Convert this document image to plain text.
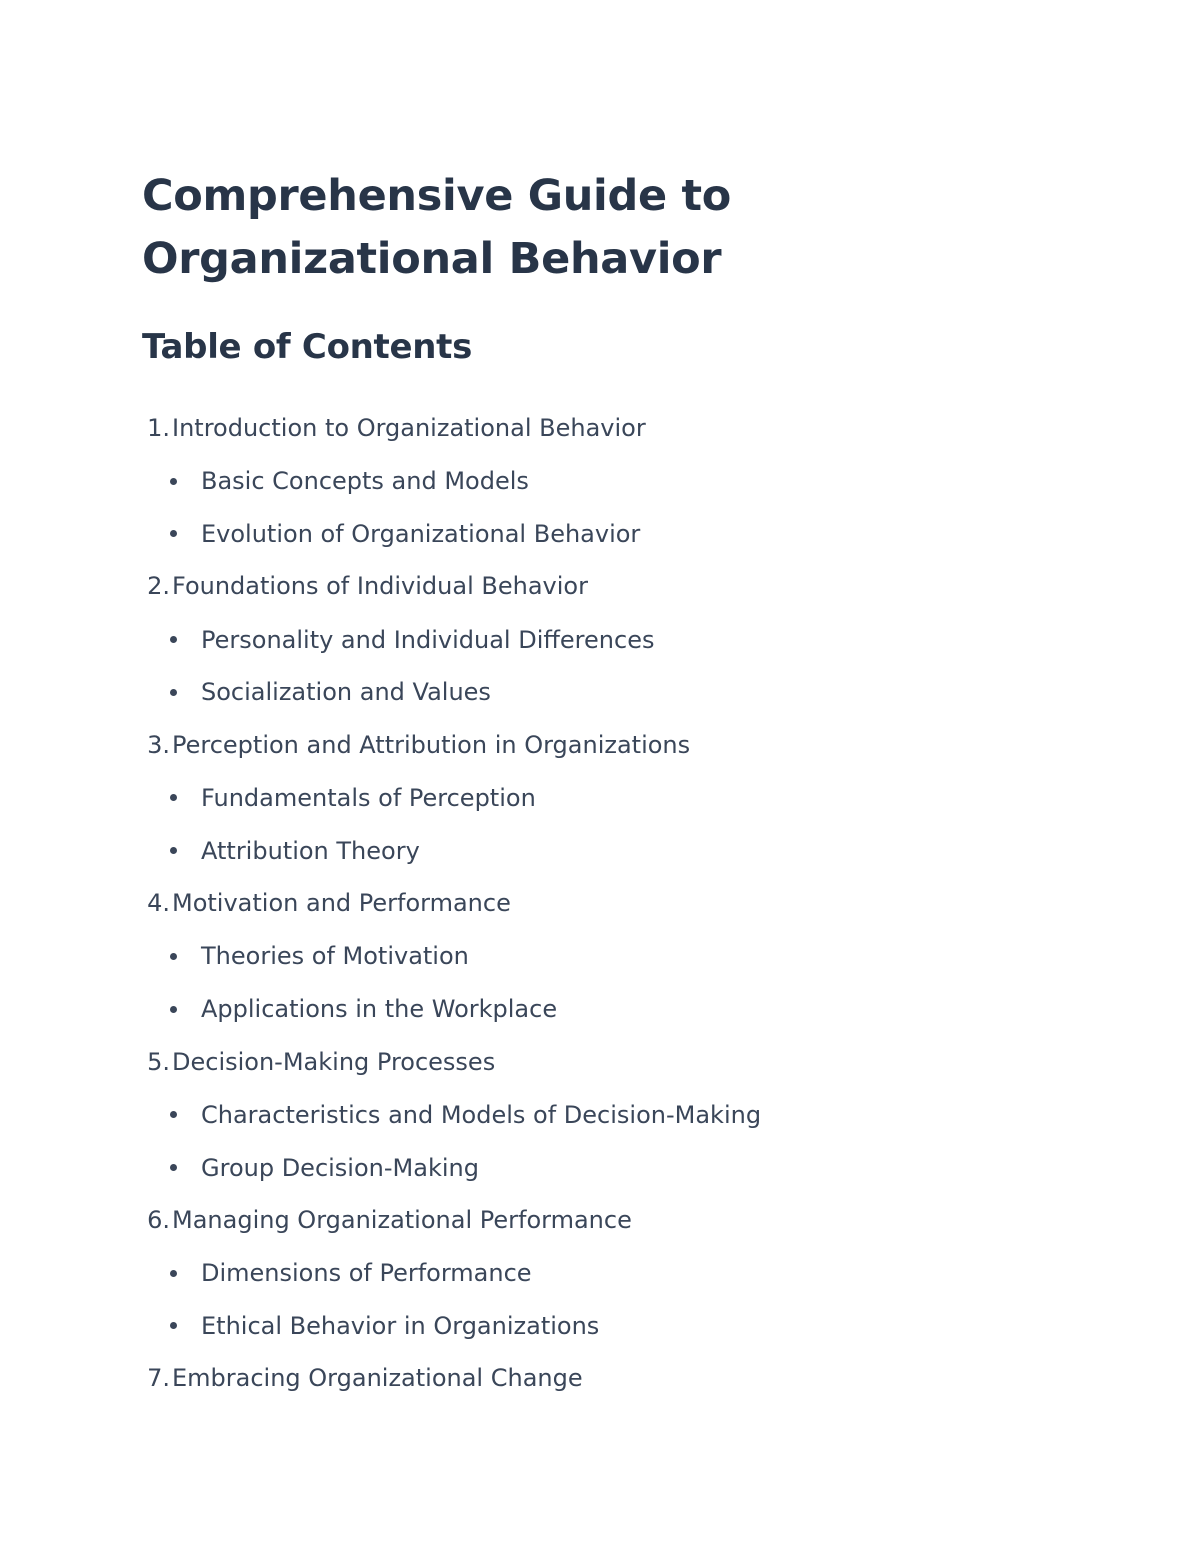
Comprehensive Guide to
Organizational Behavior
Table of Contents
1. Introduction to Organizational Behavior
Basic Concepts and Models
Evolution of Organizational Behavior
2. Foundations of Individual Behavior
Personality and Individual Differences
Socialization and Values
3. Perception and Attribution in Organizations
Fundamentals of Perception
Attribution Theory
4. Motivation and Performance
Theories of Motivation
Applications in the Workplace
5. Decision-Making Processes
Characteristics and Models of Decision-Making
Group Decision-Making
6. Managing Organizational Performance
Dimensions of Performance
Ethical Behavior in Organizations
7. Embracing Organizational Change
